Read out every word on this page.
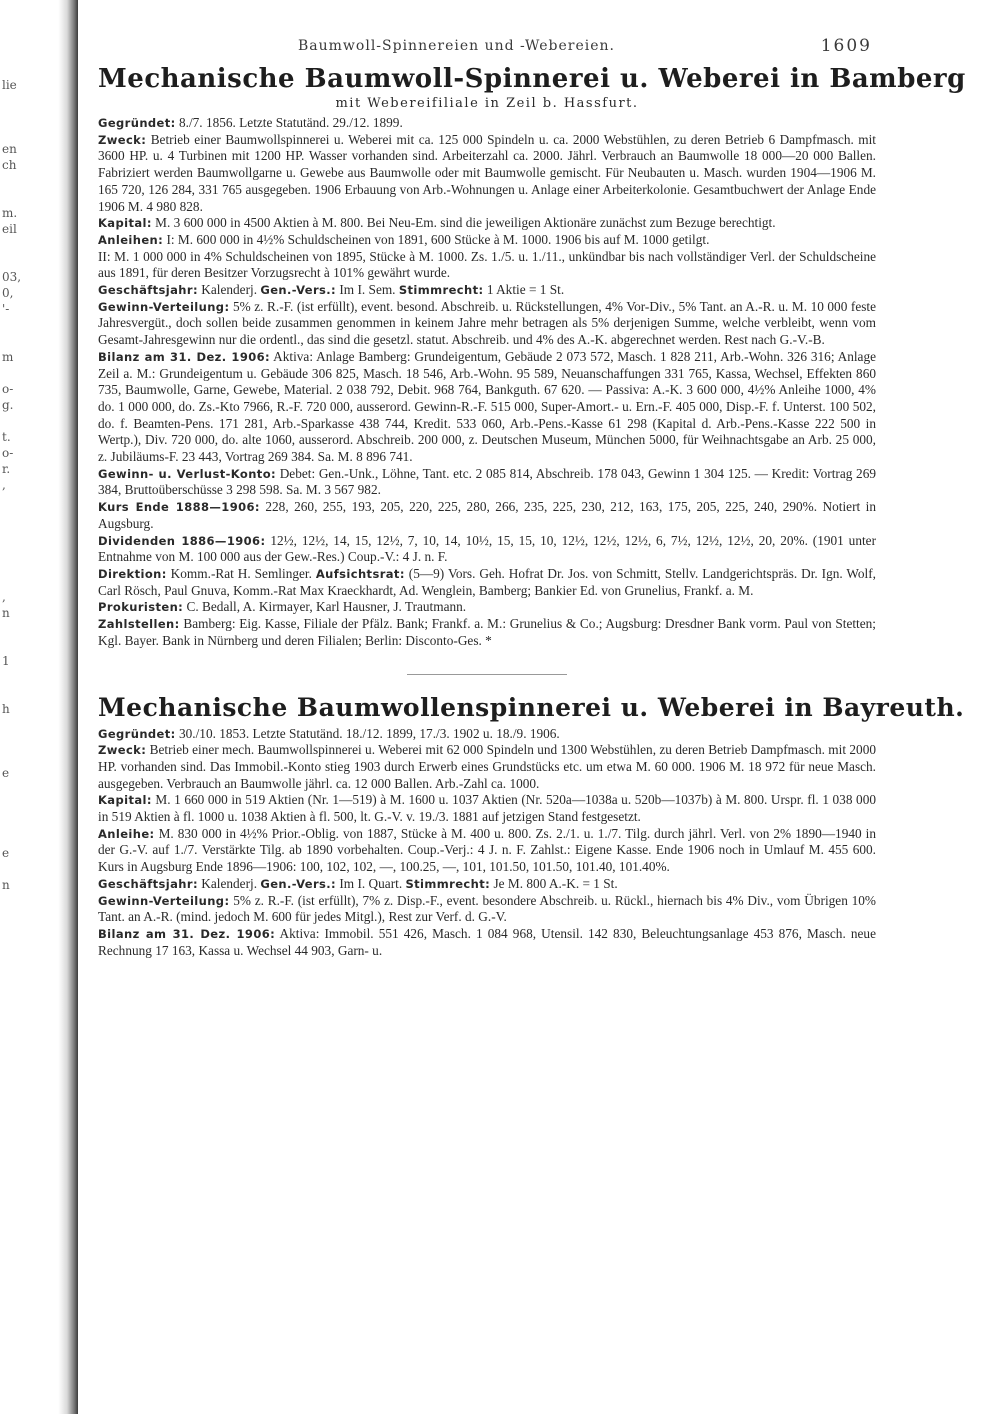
lie
en
ch
m.
eil
03,
0,
'-
m
o-
g.
t.
o-
r.
,
,
n
1
h
e
e
n
Baumwoll-Spinnereien und -Webereien.	1609
Mechanische Baumwoll-Spinnerei u. Weberei in Bamberg
mit Webereifiliale in Zeil b. Hassfurt.

Gegründet: 8./7. 1856. Letzte Statutänd. 29./12. 1899.

Zweck: Betrieb einer Baumwollspinnerei u. Weberei mit ca. 125 000 Spindeln u. ca. 2000 Webstühlen, zu deren Betrieb 6 Dampfmasch. mit 3600 HP. u. 4 Turbinen mit 1200 HP. Wasser vorhanden sind. Arbeiterzahl ca. 2000. Jährl. Verbrauch an Baumwolle 18 000—20 000 Ballen. Fabriziert werden Baumwollgarne u. Gewebe aus Baumwolle oder mit Baumwolle gemischt. Für Neubauten u. Masch. wurden 1904—1906 M. 165 720, 126 284, 331 765 ausgegeben. 1906 Erbauung von Arb.-Wohnungen u. Anlage einer Arbeiterkolonie. Gesamtbuchwert der Anlage Ende 1906 M. 4 980 828.

Kapital: M. 3 600 000 in 4500 Aktien à M. 800. Bei Neu-Em. sind die jeweiligen Aktionäre zunächst zum Bezuge berechtigt.

Anleihen: I: M. 600 000 in 4½% Schuldscheinen von 1891, 600 Stücke à M. 1000. 1906 bis auf M. 1000 getilgt.

II: M. 1 000 000 in 4% Schuldscheinen von 1895, Stücke à M. 1000. Zs. 1./5. u. 1./11., unkündbar bis nach vollständiger Verl. der Schuldscheine aus 1891, für deren Besitzer Vorzugsrecht à 101% gewährt wurde.

Geschäftsjahr: Kalenderj. Gen.-Vers.: Im I. Sem. Stimmrecht: 1 Aktie = 1 St.

Gewinn-Verteilung: 5% z. R.-F. (ist erfüllt), event. besond. Abschreib. u. Rückstellungen, 4% Vor-Div., 5% Tant. an A.-R. u. M. 10 000 feste Jahresvergüt., doch sollen beide zusammen genommen in keinem Jahre mehr betragen als 5% derjenigen Summe, welche verbleibt, wenn vom Gesamt-Jahresgewinn nur die ordentl., das sind die gesetzl. statut. Abschreib. und 4% des A.-K. abgerechnet werden. Rest nach G.-V.-B.

Bilanz am 31. Dez. 1906: Aktiva: Anlage Bamberg: Grundeigentum, Gebäude 2 073 572, Masch. 1 828 211, Arb.-Wohn. 326 316; Anlage Zeil a. M.: Grundeigentum u. Gebäude 306 825, Masch. 18 546, Arb.-Wohn. 95 589, Neuanschaffungen 331 765, Kassa, Wechsel, Effekten 860 735, Baumwolle, Garne, Gewebe, Material. 2 038 792, Debit. 968 764, Bankguth. 67 620. — Passiva: A.-K. 3 600 000, 4½% Anleihe 1000, 4% do. 1 000 000, do. Zs.-Kto 7966, R.-F. 720 000, ausserord. Gewinn-R.-F. 515 000, Super-Amort.- u. Ern.-F. 405 000, Disp.-F. f. Unterst. 100 502, do. f. Beamten-Pens. 171 281, Arb.-Sparkasse 438 744, Kredit. 533 060, Arb.-Pens.-Kasse 61 298 (Kapital d. Arb.-Pens.-Kasse 222 500 in Wertp.), Div. 720 000, do. alte 1060, ausserord. Abschreib. 200 000, z. Deutschen Museum, München 5000, für Weihnachtsgabe an Arb. 25 000, z. Jubiläums-F. 23 443, Vortrag 269 384. Sa. M. 8 896 741.

Gewinn- u. Verlust-Konto: Debet: Gen.-Unk., Löhne, Tant. etc. 2 085 814, Abschreib. 178 043, Gewinn 1 304 125. — Kredit: Vortrag 269 384, Bruttoüberschüsse 3 298 598. Sa. M. 3 567 982.

Kurs Ende 1888—1906: 228, 260, 255, 193, 205, 220, 225, 280, 266, 235, 225, 230, 212, 163, 175, 205, 225, 240, 290%. Notiert in Augsburg.

Dividenden 1886—1906: 12½, 12½, 14, 15, 12½, 7, 10, 14, 10½, 15, 15, 10, 12½, 12½, 12½, 6, 7½, 12½, 12½, 20, 20%. (1901 unter Entnahme von M. 100 000 aus der Gew.-Res.) Coup.-V.: 4 J. n. F.

Direktion: Komm.-Rat H. Semlinger. Aufsichtsrat: (5—9) Vors. Geh. Hofrat Dr. Jos. von Schmitt, Stellv. Landgerichtspräs. Dr. Ign. Wolf, Carl Rösch, Paul Gnuva, Komm.-Rat Max Kraeckhardt, Ad. Wenglein, Bamberg; Bankier Ed. von Grunelius, Frankf. a. M.

Prokuristen: C. Bedall, A. Kirmayer, Karl Hausner, J. Trautmann.

Zahlstellen: Bamberg: Eig. Kasse, Filiale der Pfälz. Bank; Frankf. a. M.: Grunelius & Co.; Augsburg: Dresdner Bank vorm. Paul von Stetten; Kgl. Bayer. Bank in Nürnberg und deren Filialen; Berlin: Disconto-Ges. *

Mechanische Baumwollenspinnerei u. Weberei in Bayreuth.

Gegründet: 30./10. 1853. Letzte Statutänd. 18./12. 1899, 17./3. 1902 u. 18./9. 1906.

Zweck: Betrieb einer mech. Baumwollspinnerei u. Weberei mit 62 000 Spindeln und 1300 Webstühlen, zu deren Betrieb Dampfmasch. mit 2000 HP. vorhanden sind. Das Immobil.-Konto stieg 1903 durch Erwerb eines Grundstücks etc. um etwa M. 60 000. 1906 M. 18 972 für neue Masch. ausgegeben. Verbrauch an Baumwolle jährl. ca. 12 000 Ballen. Arb.-Zahl ca. 1000.

Kapital: M. 1 660 000 in 519 Aktien (Nr. 1—519) à M. 1600 u. 1037 Aktien (Nr. 520a—1038a u. 520b—1037b) à M. 800. Urspr. fl. 1 038 000 in 519 Aktien à fl. 1000 u. 1038 Aktien à fl. 500, lt. G.-V. v. 19./3. 1881 auf jetzigen Stand festgesetzt.

Anleihe: M. 830 000 in 4½% Prior.-Oblig. von 1887, Stücke à M. 400 u. 800. Zs. 2./1. u. 1./7. Tilg. durch jährl. Verl. von 2% 1890—1940 in der G.-V. auf 1./7. Verstärkte Tilg. ab 1890 vorbehalten. Coup.-Verj.: 4 J. n. F. Zahlst.: Eigene Kasse. Ende 1906 noch in Umlauf M. 455 600. Kurs in Augsburg Ende 1896—1906: 100, 102, 102, —, 100.25, —, 101, 101.50, 101.50, 101.40, 101.40%.

Geschäftsjahr: Kalenderj. Gen.-Vers.: Im I. Quart. Stimmrecht: Je M. 800 A.-K. = 1 St.

Gewinn-Verteilung: 5% z. R.-F. (ist erfüllt), 7% z. Disp.-F., event. besondere Abschreib. u. Rückl., hiernach bis 4% Div., vom Übrigen 10% Tant. an A.-R. (mind. jedoch M. 600 für jedes Mitgl.), Rest zur Verf. d. G.-V.

Bilanz am 31. Dez. 1906: Aktiva: Immobil. 551 426, Masch. 1 084 968, Utensil. 142 830, Beleuchtungsanlage 453 876, Masch. neue Rechnung 17 163, Kassa u. Wechsel 44 903, Garn- u.
